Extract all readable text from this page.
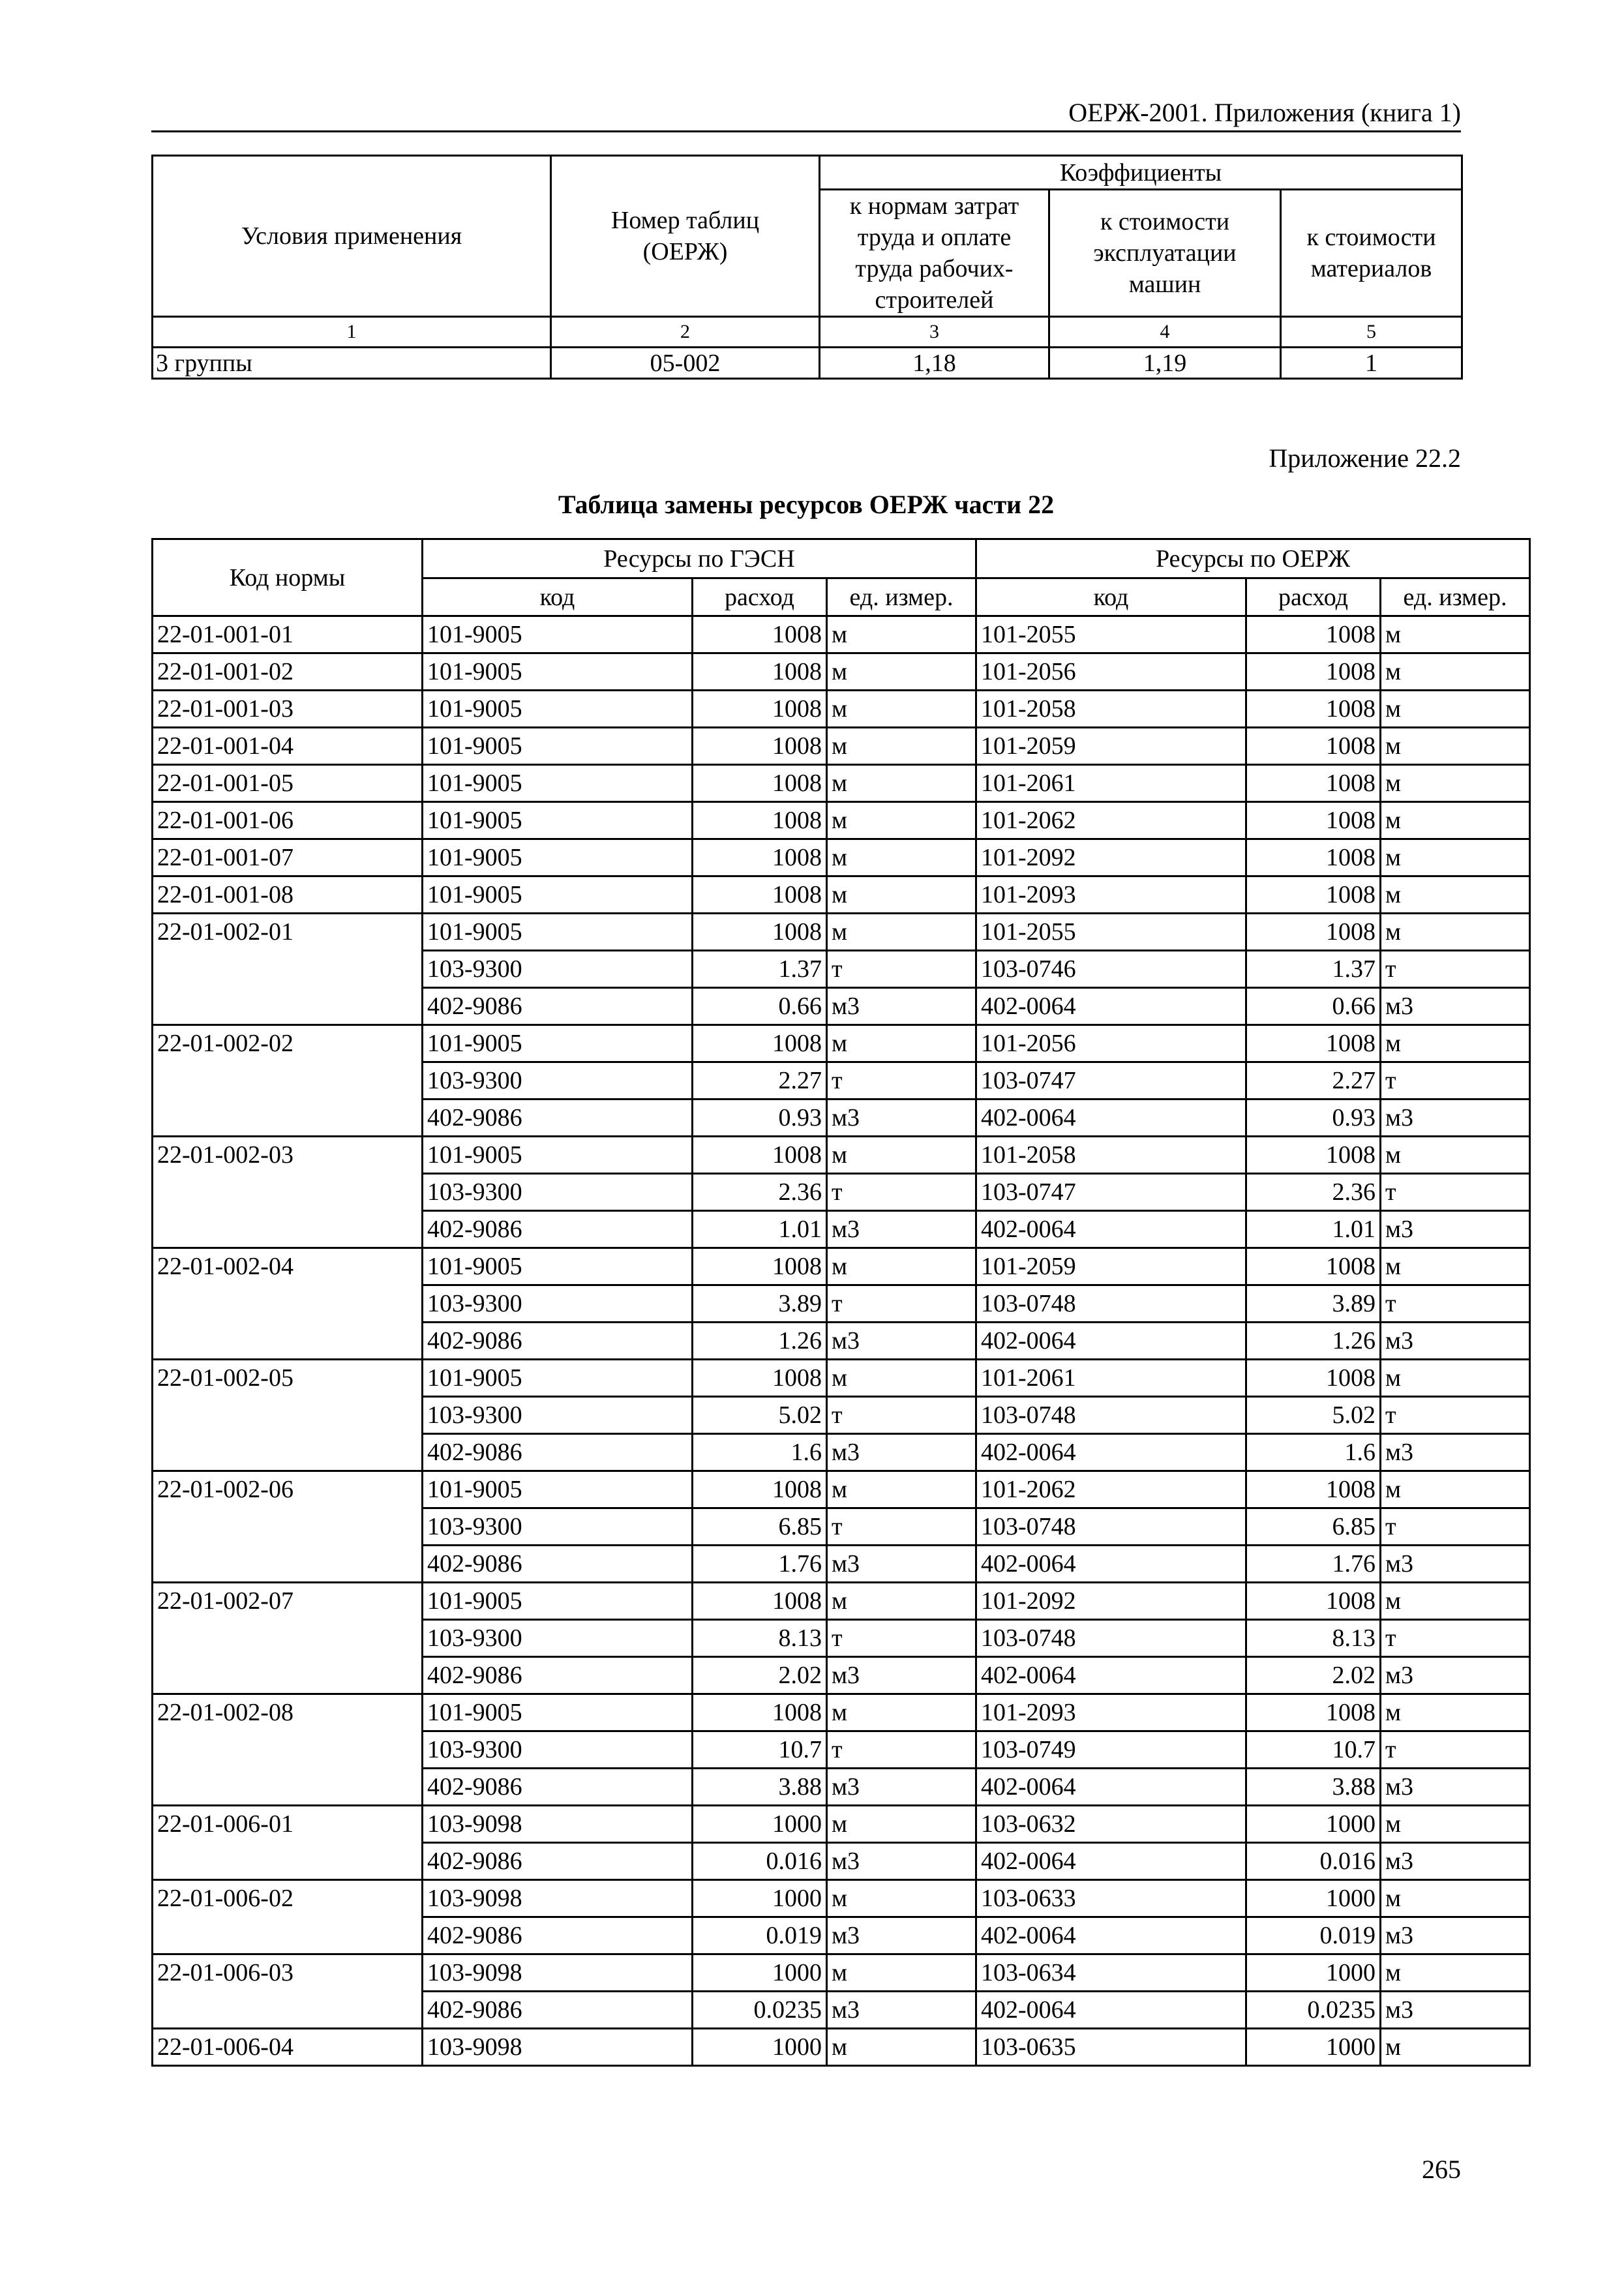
ОЕРЖ-2001. Приложения (книга 1)
Условия применения	Номер таблиц (ОЕРЖ)	Коэффициенты		
		к нормам затрат труда и оплате труда рабочих-строителей	к стоимости эксплуатации машин	к стоимости материалов
1	2	3	4	5
3 группы	05-002	1,18	1,19	1
Приложение 22.2
Таблица замены ресурсов ОЕРЖ части 22
Код нормы	Ресурсы по ГЭСН			Ресурсы по ОЕРЖ		
	код	расход	ед. измер.	код	расход	ед. измер.
22-01-001-01	101-9005	1008	м	101-2055	1008	м
22-01-001-02	101-9005	1008	м	101-2056	1008	м
22-01-001-03	101-9005	1008	м	101-2058	1008	м
22-01-001-04	101-9005	1008	м	101-2059	1008	м
22-01-001-05	101-9005	1008	м	101-2061	1008	м
22-01-001-06	101-9005	1008	м	101-2062	1008	м
22-01-001-07	101-9005	1008	м	101-2092	1008	м
22-01-001-08	101-9005	1008	м	101-2093	1008	м
22-01-002-01	101-9005	1008	м	101-2055	1008	м
	103-9300	1.37	т	103-0746	1.37	т
	402-9086	0.66	м3	402-0064	0.66	м3
22-01-002-02	101-9005	1008	м	101-2056	1008	м
	103-9300	2.27	т	103-0747	2.27	т
	402-9086	0.93	м3	402-0064	0.93	м3
22-01-002-03	101-9005	1008	м	101-2058	1008	м
	103-9300	2.36	т	103-0747	2.36	т
	402-9086	1.01	м3	402-0064	1.01	м3
22-01-002-04	101-9005	1008	м	101-2059	1008	м
	103-9300	3.89	т	103-0748	3.89	т
	402-9086	1.26	м3	402-0064	1.26	м3
22-01-002-05	101-9005	1008	м	101-2061	1008	м
	103-9300	5.02	т	103-0748	5.02	т
	402-9086	1.6	м3	402-0064	1.6	м3
22-01-002-06	101-9005	1008	м	101-2062	1008	м
	103-9300	6.85	т	103-0748	6.85	т
	402-9086	1.76	м3	402-0064	1.76	м3
22-01-002-07	101-9005	1008	м	101-2092	1008	м
	103-9300	8.13	т	103-0748	8.13	т
	402-9086	2.02	м3	402-0064	2.02	м3
22-01-002-08	101-9005	1008	м	101-2093	1008	м
	103-9300	10.7	т	103-0749	10.7	т
	402-9086	3.88	м3	402-0064	3.88	м3
22-01-006-01	103-9098	1000	м	103-0632	1000	м
	402-9086	0.016	м3	402-0064	0.016	м3
22-01-006-02	103-9098	1000	м	103-0633	1000	м
	402-9086	0.019	м3	402-0064	0.019	м3
22-01-006-03	103-9098	1000	м	103-0634	1000	м
	402-9086	0.0235	м3	402-0064	0.0235	м3
22-01-006-04	103-9098	1000	м	103-0635	1000	м
265
